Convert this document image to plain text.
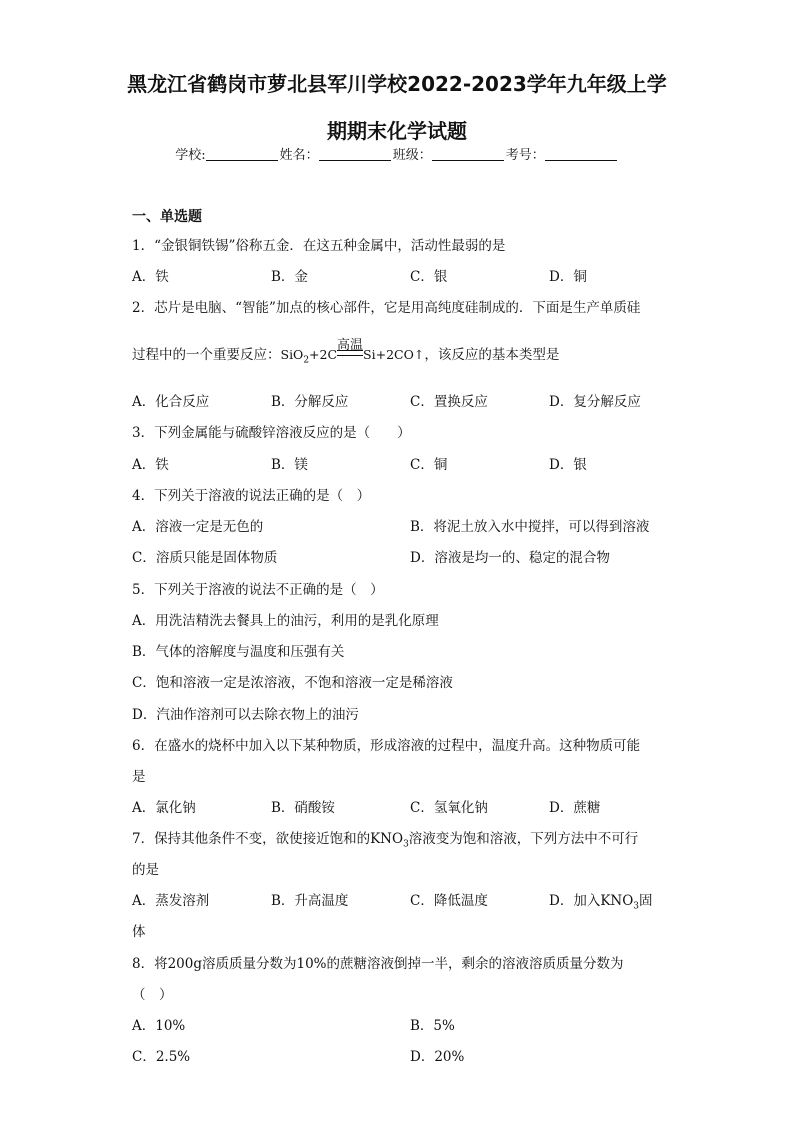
黑龙江省鹤岗市萝北县军川学校2022-2023学年九年级上学
期期末化学试题
学校:	姓名：	班级：	考号：
一、单选题
1．“金银铜铁锡”俗称五金．在这五种金属中，活动性最弱的是
A．铁	B．金	C．银	D．铜
2．芯片是电脑、“智能”加点的核心部件，它是用高纯度硅制成的．下面是生产单质硅
过程中的一个重要反应：SiO$_2$+2C
高温
Si+2CO↑，该反应的基本类型是
A．化合反应	B．分解反应	C．置换反应	D．复分解反应
3．下列金属能与硫酸锌溶液反应的是（　　）
A．铁	B．镁	C．铜	D．银
4．下列关于溶液的说法正确的是（　）
A．溶液一定是无色的	B．将泥土放入水中搅拌，可以得到溶液
C．溶质只能是固体物质	D．溶液是均一的、稳定的混合物
5．下列关于溶液的说法不正确的是（　）
A．用洗洁精洗去餐具上的油污，利用的是乳化原理
B．气体的溶解度与温度和压强有关
C．饱和溶液一定是浓溶液，不饱和溶液一定是稀溶液
D．汽油作溶剂可以去除衣物上的油污
6．在盛水的烧杯中加入以下某种物质，形成溶液的过程中，温度升高。这种物质可能
是
A．氯化钠	B．硝酸铵	C．氢氧化钠	D．蔗糖
7．保持其他条件不变，欲使接近饱和的$KNO_3$溶液变为饱和溶液，下列方法中不可行
的是
A．蒸发溶剂	B．升高温度	C．降低温度	D．加入$KNO_3$固
体
8．将200g溶质质量分数为10%的蔗糖溶液倒掉一半，剩余的溶液溶质质量分数为
（　）
A．10%	B．5%
C．2.5%	D．20%
